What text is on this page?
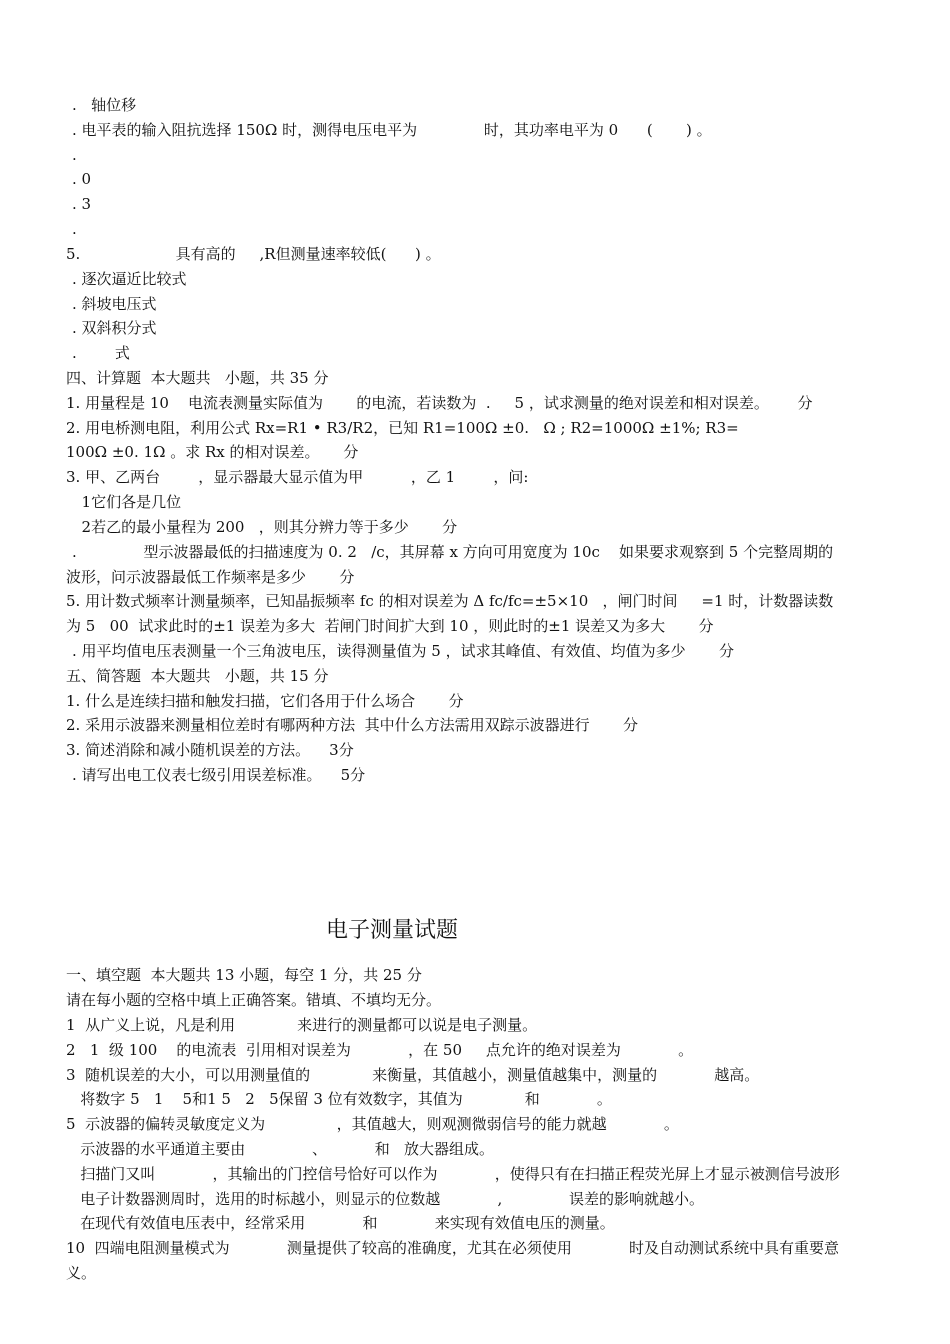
.   轴位移
. 电平表的输入阻抗选择 150Ω 时，测得电压电平为              时，其功率电平为 0      (       ) 。
.
. 0
. 3
.
5.                    具有高的     ,R但测量速率较低(      ) 。
. 逐次逼近比较式
. 斜坡电压式
. 双斜积分式
.        式
四、计算题  本大题共   小题，共 35 分
1. 用量程是 10    电流表测量实际值为       的电流，若读数为  .     5 ，试求测量的绝对误差和相对误差。      分
2. 用电桥测电阻，利用公式 Rx=R1 • R3/R2，已知 R1=100Ω ±0.   Ω ; R2=1000Ω ±1%; R3=
100Ω ±0. 1Ω 。求 Rx 的相对误差。     分
3. 甲、乙两台        ，显示器最大显示值为甲          ，乙 1        ，问:
1它们各是几位
2若乙的最小量程为 200   ，则其分辨力等于多少       分
.              型示波器最低的扫描速度为 0. 2   /c，其屏幕 x 方向可用宽度为 10c    如果要求观察到 5 个完整周期的
波形，问示波器最低工作频率是多少       分
5. 用计数式频率计测量频率，已知晶振频率 fc 的相对误差为 Δ fc/fc=±5×10   ，闸门时间     =1 时，计数器读数
为 5   00  试求此时的±1 误差为多大  若闸门时间扩大到 10 ，则此时的±1 误差又为多大       分
. 用平均值电压表测量一个三角波电压，读得测量值为 5 ，试求其峰值、有效值、均值为多少       分
五、简答题  本大题共   小题，共 15 分
1. 什么是连续扫描和触发扫描，它们各用于什么场合       分
2. 采用示波器来测量相位差时有哪两种方法  其中什么方法需用双踪示波器进行       分
3. 简述消除和减小随机误差的方法。    3分
. 请写出电工仪表七级引用误差标准。    5分
电子测量试题
一、填空题  本大题共 13 小题，每空 1 分，共 25 分
请在每小题的空格中填上正确答案。错填、不填均无分。
1  从广义上说，凡是利用             来进行的测量都可以说是电子测量。
2   1  级 100    的电流表  引用相对误差为            ，在 50     点允许的绝对误差为            。
3  随机误差的大小，可以用测量值的             来衡量，其值越小，测量值越集中，测量的            越高。
将数字 5   1    5和1 5   2   5保留 3 位有效数字，其值为             和            。
5  示波器的偏转灵敏度定义为               ，其值越大，则观测微弱信号的能力就越            。
示波器的水平通道主要由              、          和   放大器组成。
扫描门又叫            ，其输出的门控信号恰好可以作为            ，使得只有在扫描正程荧光屏上才显示被测信号波形
电子计数器测周时，选用的时标越小，则显示的位数越            ,              误差的影响就越小。
在现代有效值电压表中，经常采用            和            来实现有效值电压的测量。
10  四端电阻测量模式为            测量提供了较高的准确度，尤其在必须使用            时及自动测试系统中具有重要意
义。
